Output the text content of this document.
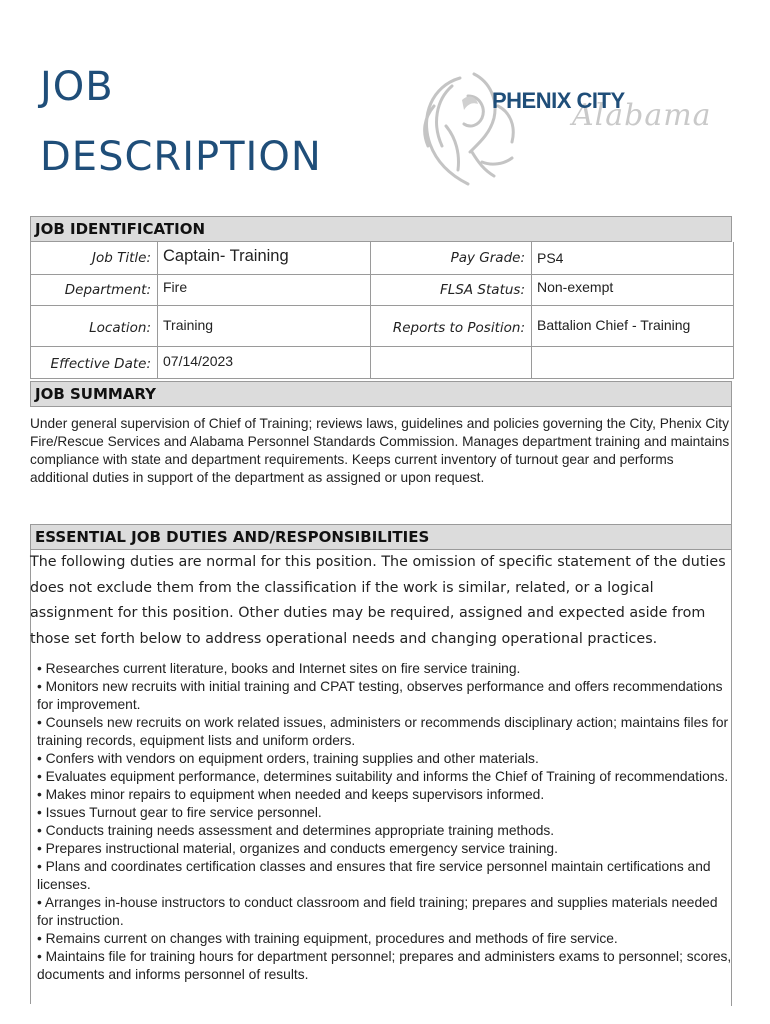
JOB
DESCRIPTION
Alabama
PHENIX CITY
JOB IDENTIFICATION
Job Title: Captain- Training	Pay Grade: PS4
Department: Fire	FLSA Status: Non-exempt
Location: Training	Reports to Position: Battalion Chief - Training
Effective Date: 07/14/2023
JOB SUMMARY
Under general supervision of Chief of Training; reviews laws, guidelines and policies governing the City, Phenix City Fire/Rescue Services and Alabama Personnel Standards Commission. Manages department training and maintains compliance with state and department requirements. Keeps current inventory of turnout gear and performs additional duties in support of the department as assigned or upon request.
ESSENTIAL JOB DUTIES AND/RESPONSIBILITIES
The following duties are normal for this position. The omission of specific statement of the duties does not exclude them from the classification if the work is similar, related, or a logical assignment for this position. Other duties may be required, assigned and expected aside from those set forth below to address operational needs and changing operational practices.
• Researches current literature, books and Internet sites on fire service training.
• Monitors new recruits with initial training and CPAT testing, observes performance and offers recommendations for improvement.
• Counsels new recruits on work related issues, administers or recommends disciplinary action; maintains files for training records, equipment lists and uniform orders.
• Confers with vendors on equipment orders, training supplies and other materials.
• Evaluates equipment performance, determines suitability and informs the Chief of Training of recommendations.
• Makes minor repairs to equipment when needed and keeps supervisors informed.
• Issues Turnout gear to fire service personnel.
• Conducts training needs assessment and determines appropriate training methods.
• Prepares instructional material, organizes and conducts emergency service training.
• Plans and coordinates certification classes and ensures that fire service personnel maintain certifications and licenses.
• Arranges in-house instructors to conduct classroom and field training; prepares and supplies materials needed for instruction.
• Remains current on changes with training equipment, procedures and methods of fire service.
• Maintains file for training hours for department personnel; prepares and administers exams to personnel; scores, documents and informs personnel of results.
